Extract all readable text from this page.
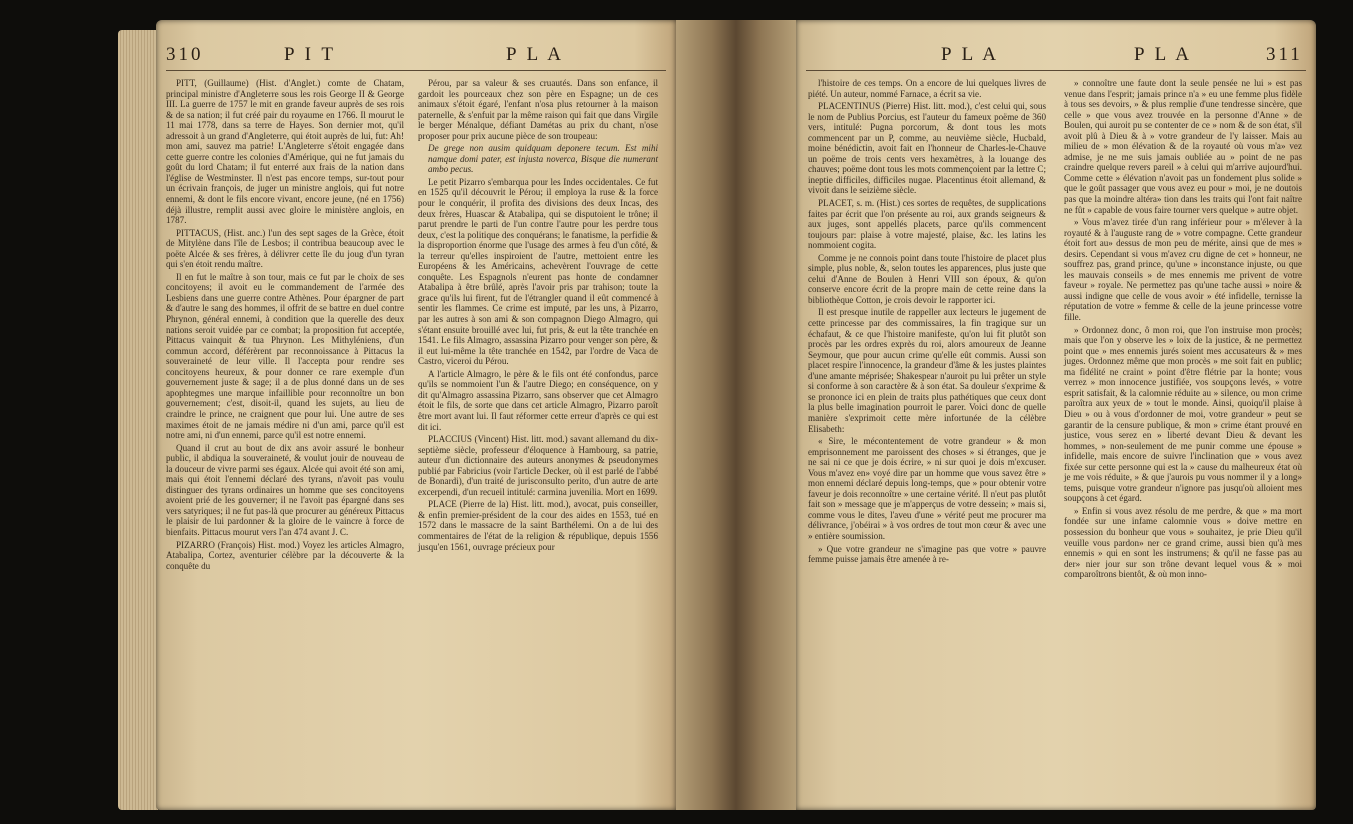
310	P I T	P L A

PITT, (Guillaume) (Hist. d'Anglet.) comte de Chatam, principal ministre d'Angleterre sous les rois George II & George III. La guerre de 1757 le mit en grande faveur auprès de ses rois & de sa nation; il fut créé pair du royaume en 1766. Il mourut le 11 mai 1778, dans sa terre de Hayes. Son dernier mot, qu'il adressoit à un grand d'Angleterre, qui étoit auprès de lui, fut: Ah! mon ami, sauvez ma patrie! L'Angleterre s'étoit engagée dans cette guerre contre les colonies d'Amérique, qui ne fut jamais du goût du lord Chatam; il fut enterré aux frais de la nation dans l'église de Westminster. Il n'est pas encore temps, sur-tout pour un écrivain françois, de juger un ministre anglois, qui fut notre ennemi, & dont le fils encore vivant, encore jeune, (né en 1756) déjà illustre, remplit aussi avec gloire le ministère anglois, en 1787.

PITTACUS, (Hist. anc.) l'un des sept sages de la Grèce, étoit de Mitylène dans l'île de Lesbos; il contribua beaucoup avec le poëte Alcée & ses frères, à délivrer cette île du joug d'un tyran qui s'en étoit rendu maître.

Il en fut le maître à son tour, mais ce fut par le choix de ses concitoyens; il avoit eu le commandement de l'armée des Lesbiens dans une guerre contre Athènes. Pour épargner de part & d'autre le sang des hommes, il offrit de se battre en duel contre Phrynon, général ennemi, à condition que la querelle des deux nations seroit vuidée par ce combat; la proposition fut acceptée, Pittacus vainquit & tua Phrynon. Les Mithyléniens, d'un commun accord, déférèrent par reconnoissance à Pittacus la souveraineté de leur ville. Il l'accepta pour rendre ses concitoyens heureux, & pour donner ce rare exemple d'un gouvernement juste & sage; il a de plus donné dans un de ses apophtegmes une marque infaillible pour reconnoître un bon gouvernement; c'est, disoit-il, quand les sujets, au lieu de craindre le prince, ne craignent que pour lui. Une autre de ses maximes étoit de ne jamais médire ni d'un ami, parce qu'il est notre ami, ni d'un ennemi, parce qu'il est notre ennemi.

Quand il crut au bout de dix ans avoir assuré le bonheur public, il abdiqua la souveraineté, & voulut jouir de nouveau de la douceur de vivre parmi ses égaux. Alcée qui avoit été son ami, mais qui étoit l'ennemi déclaré des tyrans, n'avoit pas voulu distinguer des tyrans ordinaires un homme que ses concitoyens avoient prié de les gouverner; il ne l'avoit pas épargné dans ses vers satyriques; il ne fut pas-là que procurer au généreux Pittacus le plaisir de lui pardonner & la gloire de le vaincre à force de bienfaits. Pittacus mourut vers l'an 474 avant J. C.

PIZARRO (François) Hist. mod.) Voyez les articles Almagro, Atabalipa, Cortez, aventurier célèbre par la découverte & la conquête du

Pérou, par sa valeur & ses cruautés. Dans son enfance, il gardoit les pourceaux chez son père en Espagne; un de ces animaux s'étoit égaré, l'enfant n'osa plus retourner à la maison paternelle, & s'enfuit par la même raison qui fait que dans Virgile le berger Ménalque, défiant Damétas au prix du chant, n'ose proposer pour prix aucune pièce de son troupeau:

De grege non ausim quidquam deponere tecum. Est mihi namque domi pater, est injusta noverca, Bisque die numerant ambo pecus.

Le petit Pizarro s'embarqua pour les Indes occidentales. Ce fut en 1525 qu'il découvrit le Pérou; il employa la ruse & la force pour le conquérir, il profita des divisions des deux Incas, des deux frères, Huascar & Atabalipa, qui se disputoient le trône; il parut prendre le parti de l'un contre l'autre pour les perdre tous deux, c'est la politique des conquérans; le fanatisme, la perfidie & la disproportion énorme que l'usage des armes à feu d'un côté, & la terreur qu'elles inspiroient de l'autre, mettoient entre les Européens & les Américains, achevèrent l'ouvrage de cette conquête. Les Espagnols n'eurent pas honte de condamner Atabalipa à être brûlé, après l'avoir pris par trahison; toute la grace qu'ils lui firent, fut de l'étrangler quand il eût commencé à sentir les flammes. Ce crime est imputé, par les uns, à Pizarro, par les autres à son ami & son compagnon Diego Almagro, qui s'étant ensuite brouillé avec lui, fut pris, & eut la tête tranchée en 1541. Le fils Almagro, assassina Pizarro pour venger son père, & il eut lui-même la tête tranchée en 1542, par l'ordre de Vaca de Castro, viceroi du Pérou.

A l'article Almagro, le père & le fils ont été confondus, parce qu'ils se nommoient l'un & l'autre Diego; en conséquence, on y dit qu'Almagro assassina Pizarro, sans observer que cet Almagro étoit le fils, de sorte que dans cet article Almagro, Pizarro paroît être mort avant lui. Il faut réformer cette erreur d'après ce qui est dit ici.

PLACCIUS (Vincent) Hist. litt. mod.) savant allemand du dix-septième siècle, professeur d'éloquence à Hambourg, sa patrie, auteur d'un dictionnaire des auteurs anonymes & pseudonymes publié par Fabricius (voir l'article Decker, où il est parlé de l'abbé de Bonardi), d'un traité de jurisconsulto perito, d'un autre de arte excerpendi, d'un recueil intitulé: carmina juvenilia. Mort en 1699.

PLACE (Pierre de la) Hist. litt. mod.), avocat, puis conseiller, & enfin premier-président de la cour des aides en 1553, tué en 1572 dans le massacre de la saint Barthélemi. On a de lui des commentaires de l'état de la religion & république, depuis 1556 jusqu'en 1561, ouvrage précieux pour

P L A	P L A	311

l'histoire de ces temps. On a encore de lui quelques livres de piété. Un auteur, nommé Farnace, a écrit sa vie.

PLACENTINUS (Pierre) Hist. litt. mod.), c'est celui qui, sous le nom de Publius Porcius, est l'auteur du fameux poëme de 360 vers, intitulé: Pugna porcorum, & dont tous les mots commencent par un P, comme, au neuvième siècle, Hucbald, moine bénédictin, avoit fait en l'honneur de Charles-le-Chauve un poëme de trois cents vers hexamètres, à la louange des chauves; poëme dont tous les mots commençoient par la lettre C; ineptie difficiles, difficiles nugae. Placentinus étoit allemand, & vivoit dans le seizième siècle.

PLACET, s. m. (Hist.) ces sortes de requêtes, de supplications faites par écrit que l'on présente au roi, aux grands seigneurs & aux juges, sont appellés placets, parce qu'ils commencent toujours par: plaise à votre majesté, plaise, &c. les latins les nommoient cogita.

Comme je ne connois point dans toute l'histoire de placet plus simple, plus noble, &, selon toutes les apparences, plus juste que celui d'Anne de Boulen à Henri VIII son époux, & qu'on conserve encore écrit de la propre main de cette reine dans la bibliothèque Cotton, je crois devoir le rapporter ici.

Il est presque inutile de rappeller aux lecteurs le jugement de cette princesse par des commissaires, la fin tragique sur un échafaut, & ce que l'histoire manifeste, qu'on lui fit plutôt son procès par les ordres exprès du roi, alors amoureux de Jeanne Seymour, que pour aucun crime qu'elle eût commis. Aussi son placet respire l'innocence, la grandeur d'âme & les justes plaintes d'une amante méprisée; Shakespear n'auroit pu lui prêter un style si conforme à son caractère & à son état. Sa douleur s'exprime & se prononce ici en plein de traits plus pathétiques que ceux dont la plus belle imagination pourroit le parer. Voici donc de quelle manière s'exprimoit cette mère infortunée de la célèbre Elisabeth:

« Sire, le mécontentement de votre grandeur » & mon emprisonnement me paroissent des choses » si étranges, que je ne sai ni ce que je dois écrire, » ni sur quoi je dois m'excuser. Vous m'avez en» voyé dire par un homme que vous savez être » mon ennemi déclaré depuis long-temps, que » pour obtenir votre faveur je dois reconnoître » une certaine vérité. Il n'eut pas plutôt fait son » message que je m'apperçus de votre dessein; » mais si, comme vous le dites, l'aveu d'une » vérité peut me procurer ma délivrance, j'obéirai » à vos ordres de tout mon cœur & avec une » entière soumission.

» Que votre grandeur ne s'imagine pas que votre » pauvre femme puisse jamais être amenée à re-

» connoître une faute dont la seule pensée ne lui » est pas venue dans l'esprit; jamais prince n'a » eu une femme plus fidèle à tous ses devoirs, » & plus remplie d'une tendresse sincère, que celle » que vous avez trouvée en la personne d'Anne » de Boulen, qui auroit pu se contenter de ce » nom & de son état, s'il avoit plû à Dieu & à » votre grandeur de l'y laisser. Mais au milieu de » mon élévation & de la royauté où vous m'a» vez admise, je ne me suis jamais oubliée au » point de ne pas craindre quelque revers pareil » à celui qui m'arrive aujourd'hui. Comme cette » élévation n'avoit pas un fondement plus solide » que le goût passager que vous avez eu pour » moi, je ne doutois pas que la moindre altéra» tion dans les traits qui l'ont fait naître ne fût » capable de vous faire tourner vers quelque » autre objet.

» Vous m'avez tirée d'un rang inférieur pour » m'élever à la royauté & à l'auguste rang de » votre compagne. Cette grandeur étoit fort au» dessus de mon peu de mérite, ainsi que de mes » desirs. Cependant si vous m'avez cru digne de cet » honneur, ne souffrez pas, grand prince, qu'une » inconstance injuste, ou que les mauvais conseils » de mes ennemis me privent de votre faveur » royale. Ne permettez pas qu'une tache aussi » noire & aussi indigne que celle de vous avoir » été infidelle, ternisse la réputation de votre » femme & celle de la jeune princesse votre fille.

» Ordonnez donc, ô mon roi, que l'on instruise mon procès; mais que l'on y observe les » loix de la justice, & ne permettez point que » mes ennemis jurés soient mes accusateurs & » mes juges. Ordonnez même que mon procès » me soit fait en public; ma fidélité ne craint » point d'être flétrie par la honte; vous verrez » mon innocence justifiée, vos soupçons levés, » votre esprit satisfait, & la calomnie réduite au » silence, ou mon crime paroîtra aux yeux de » tout le monde. Ainsi, quoiqu'il plaise à Dieu » ou à vous d'ordonner de moi, votre grandeur » peut se garantir de la censure publique, & mon » crime étant prouvé en justice, vous serez en » liberté devant Dieu & devant les hommes, » non-seulement de me punir comme une épouse » infidelle, mais encore de suivre l'inclination que » vous avez fixée sur cette personne qui est la » cause du malheureux état où je me vois réduite, » & que j'aurois pu vous nommer il y a long» tems, puisque votre grandeur n'ignore pas jusqu'où alloient mes soupçons à cet égard.

» Enfin si vous avez résolu de me perdre, & que » ma mort fondée sur une infame calomnie vous » doive mettre en possession du bonheur que vous » souhaitez, je prie Dieu qu'il veuille vous pardon» ner ce grand crime, aussi bien qu'à mes ennemis » qui en sont les instrumens; & qu'il ne fasse pas au der» nier jour sur son trône devant lequel vous & » moi comparoîtrons bientôt, & où mon inno-
